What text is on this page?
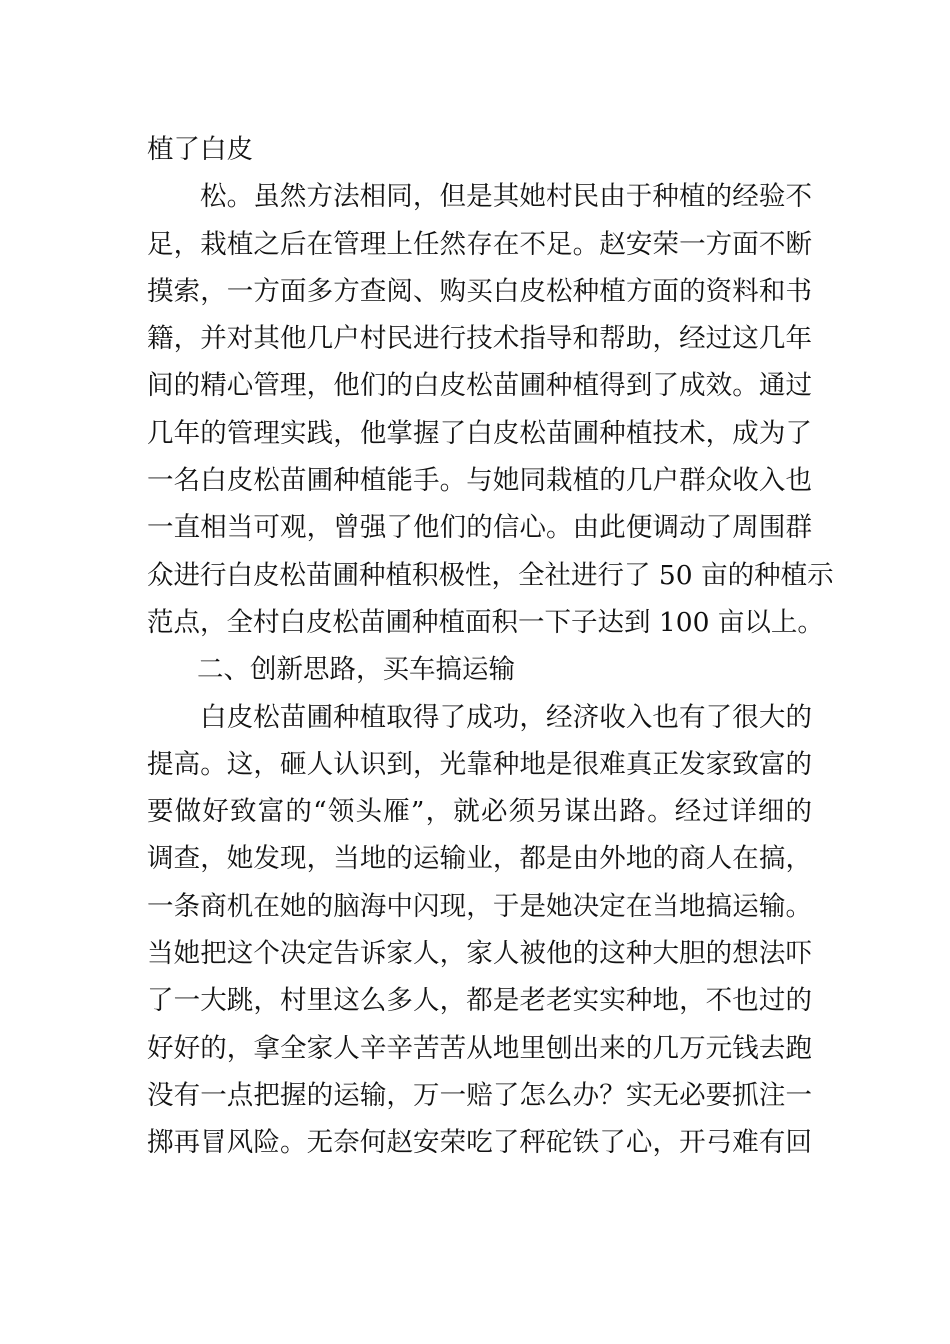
植了白皮
松。虽然方法相同，但是其她村民由于种植的经验不
足，栽植之后在管理上任然存在不足。赵安荣一方面不断
摸索，一方面多方查阅、购买白皮松种植方面的资料和书
籍，并对其他几户村民进行技术指导和帮助，经过这几年
间的精心管理，他们的白皮松苗圃种植得到了成效。通过
几年的管理实践，他掌握了白皮松苗圃种植技术，成为了
一名白皮松苗圃种植能手。与她同栽植的几户群众收入也
一直相当可观，曾强了他们的信心。由此便调动了周围群
众进行白皮松苗圃种植积极性，全社进行了 50 亩的种植示
范点，全村白皮松苗圃种植面积一下子达到 100 亩以上。
二、创新思路，买车搞运输
白皮松苗圃种植取得了成功，经济收入也有了很大的
提高。这，砸人认识到，光靠种地是很难真正发家致富的
要做好致富的“领头雁”，就必须另谋出路。经过详细的
调查，她发现，当地的运输业，都是由外地的商人在搞，
一条商机在她的脑海中闪现，于是她决定在当地搞运输。
当她把这个决定告诉家人，家人被他的这种大胆的想法吓
了一大跳，村里这么多人，都是老老实实种地，不也过的
好好的，拿全家人辛辛苦苦从地里刨出来的几万元钱去跑
没有一点把握的运输，万一赔了怎么办？实无必要抓注一
掷再冒风险。无奈何赵安荣吃了秤砣铁了心，开弓难有回
